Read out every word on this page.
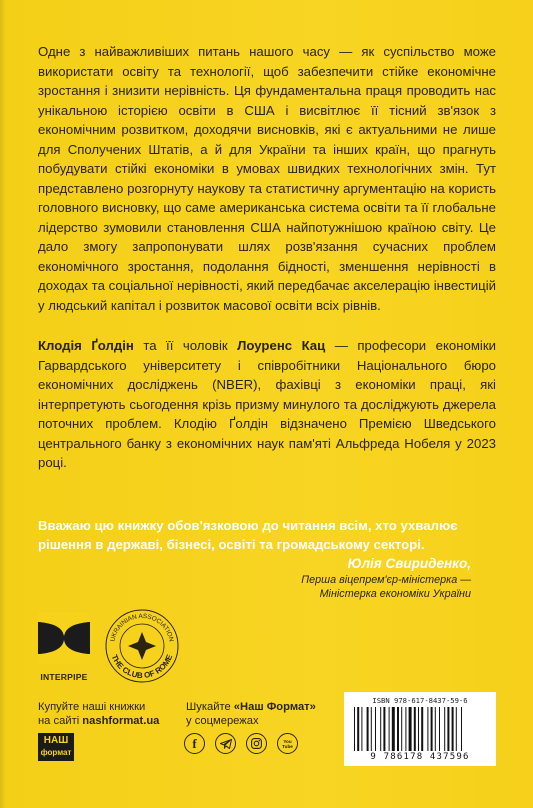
Одне з найважливіших питань нашого часу — як суспільство може використати освіту та технології, щоб забезпечити стійке економічне зростання і знизити нерівність. Ця фундаментальна праця проводить нас унікальною історією освіти в США і висвітлює її тісний зв'язок з економічним розвитком, доходячи висновків, які є актуальними не лише для Сполучених Штатів, а й для України та інших країн, що прагнуть побудувати стійкі економіки в умовах швидких технологічних змін. Тут представлено розгорнуту наукову та статистичну аргументацію на користь головного висновку, що саме американська система освіти та її глобальне лідерство зумовили становлення США найпотужнішою країною світу. Це дало змогу запропонувати шлях розв'язання сучасних проблем економічного зростання, подолання бідності, зменшення нерівності в доходах та соціальної нерівності, який передбачає акселерацію інвестицій у людський капітал і розвиток масової освіти всіх рівнів.

Клодія Ґолдін та її чоловік Лоуренс Кац — професори економіки Гарвардського університету і співробітники Національного бюро економічних досліджень (NBER), фахівці з економіки праці, які інтерпретують сьогодення крізь призму минулого та досліджують джерела поточних проблем. Клодію Ґолдін відзначено Премією Шведського центрального банку з економічних наук пам'яті Альфреда Нобеля у 2023 році.

Вважаю цю книжку обов'язковою до читання всім, хто ухвалює рішення в державі, бізнесі, освіті та громадському секторі.

Юлія Свириденко,
Перша віцепрем'єр-міністерка —
Міністерка економіки України
INTERPIPE
UKRAINIAN ASSOCIATION
THE CLUB OF ROME
Купуйте наші книжки
на сайті nashformat.ua
НАШ
формат
Шукайте «Наш Формат»
у соцмережах
f	You Tube
ISBN 978-617-8437-59-6
9 786178 437596
